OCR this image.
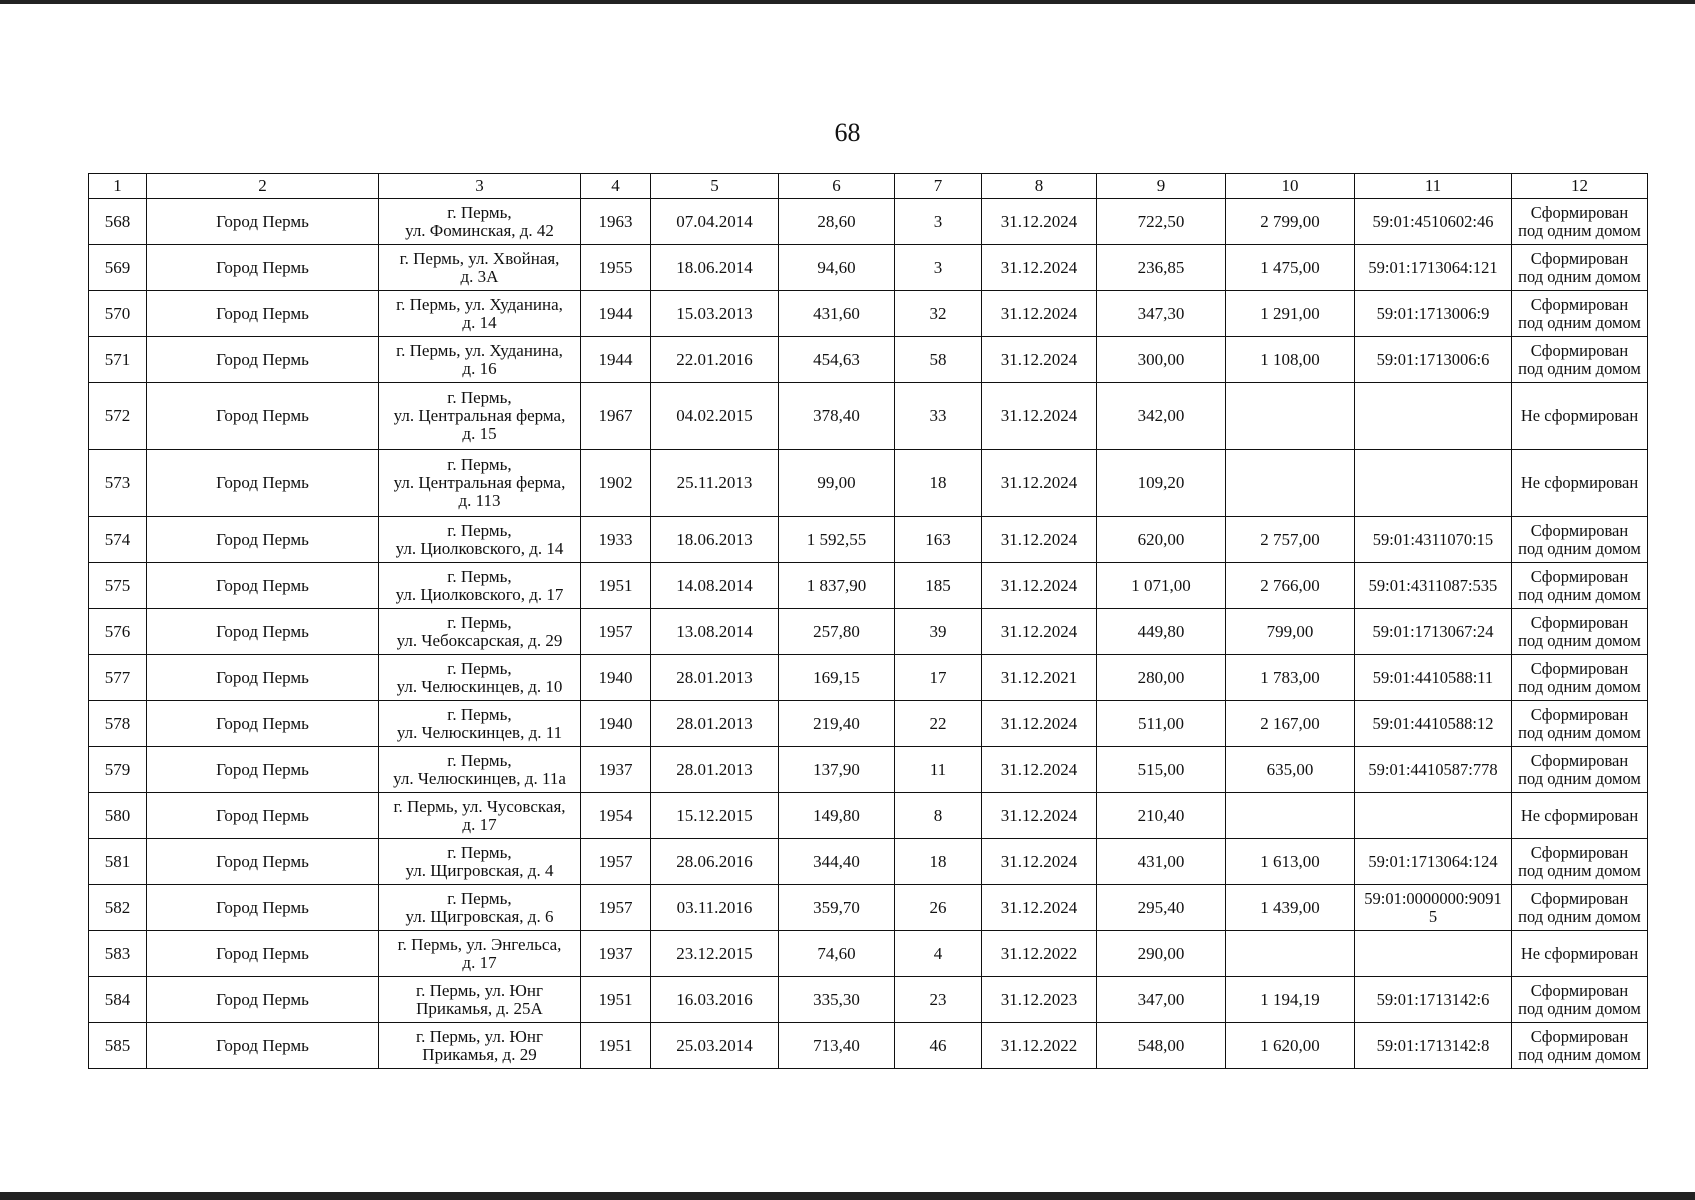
68
1	2	3	4	5	6	7	8	9	10	11	12
568	Город Пермь	г. Пермь,
ул. Фоминская, д. 42	1963	07.04.2014	28,60	3	31.12.2024	722,50	2 799,00	59:01:4510602:46	Сформирован
под одним домом
569	Город Пермь	г. Пермь, ул. Хвойная,
д. 3А	1955	18.06.2014	94,60	3	31.12.2024	236,85	1 475,00	59:01:1713064:121	Сформирован
под одним домом
570	Город Пермь	г. Пермь, ул. Худанина,
д. 14	1944	15.03.2013	431,60	32	31.12.2024	347,30	1 291,00	59:01:1713006:9	Сформирован
под одним домом
571	Город Пермь	г. Пермь, ул. Худанина,
д. 16	1944	22.01.2016	454,63	58	31.12.2024	300,00	1 108,00	59:01:1713006:6	Сформирован
под одним домом
572	Город Пермь	г. Пермь,
ул. Центральная ферма,
д. 15	1967	04.02.2015	378,40	33	31.12.2024	342,00			Не сформирован
573	Город Пермь	г. Пермь,
ул. Центральная ферма,
д. 113	1902	25.11.2013	99,00	18	31.12.2024	109,20			Не сформирован
574	Город Пермь	г. Пермь,
ул. Циолковского, д. 14	1933	18.06.2013	1 592,55	163	31.12.2024	620,00	2 757,00	59:01:4311070:15	Сформирован
под одним домом
575	Город Пермь	г. Пермь,
ул. Циолковского, д. 17	1951	14.08.2014	1 837,90	185	31.12.2024	1 071,00	2 766,00	59:01:4311087:535	Сформирован
под одним домом
576	Город Пермь	г. Пермь,
ул. Чебоксарская, д. 29	1957	13.08.2014	257,80	39	31.12.2024	449,80	799,00	59:01:1713067:24	Сформирован
под одним домом
577	Город Пермь	г. Пермь,
ул. Челюскинцев, д. 10	1940	28.01.2013	169,15	17	31.12.2021	280,00	1 783,00	59:01:4410588:11	Сформирован
под одним домом
578	Город Пермь	г. Пермь,
ул. Челюскинцев, д. 11	1940	28.01.2013	219,40	22	31.12.2024	511,00	2 167,00	59:01:4410588:12	Сформирован
под одним домом
579	Город Пермь	г. Пермь,
ул. Челюскинцев, д. 11а	1937	28.01.2013	137,90	11	31.12.2024	515,00	635,00	59:01:4410587:778	Сформирован
под одним домом
580	Город Пермь	г. Пермь, ул. Чусовская,
д. 17	1954	15.12.2015	149,80	8	31.12.2024	210,40			Не сформирован
581	Город Пермь	г. Пермь,
ул. Щигровская, д. 4	1957	28.06.2016	344,40	18	31.12.2024	431,00	1 613,00	59:01:1713064:124	Сформирован
под одним домом
582	Город Пермь	г. Пермь,
ул. Щигровская, д. 6	1957	03.11.2016	359,70	26	31.12.2024	295,40	1 439,00	59:01:0000000:9091
5	Сформирован
под одним домом
583	Город Пермь	г. Пермь, ул. Энгельса,
д. 17	1937	23.12.2015	74,60	4	31.12.2022	290,00			Не сформирован
584	Город Пермь	г. Пермь, ул. Юнг
Прикамья, д. 25А	1951	16.03.2016	335,30	23	31.12.2023	347,00	1 194,19	59:01:1713142:6	Сформирован
под одним домом
585	Город Пермь	г. Пермь, ул. Юнг
Прикамья, д. 29	1951	25.03.2014	713,40	46	31.12.2022	548,00	1 620,00	59:01:1713142:8	Сформирован
под одним домом
